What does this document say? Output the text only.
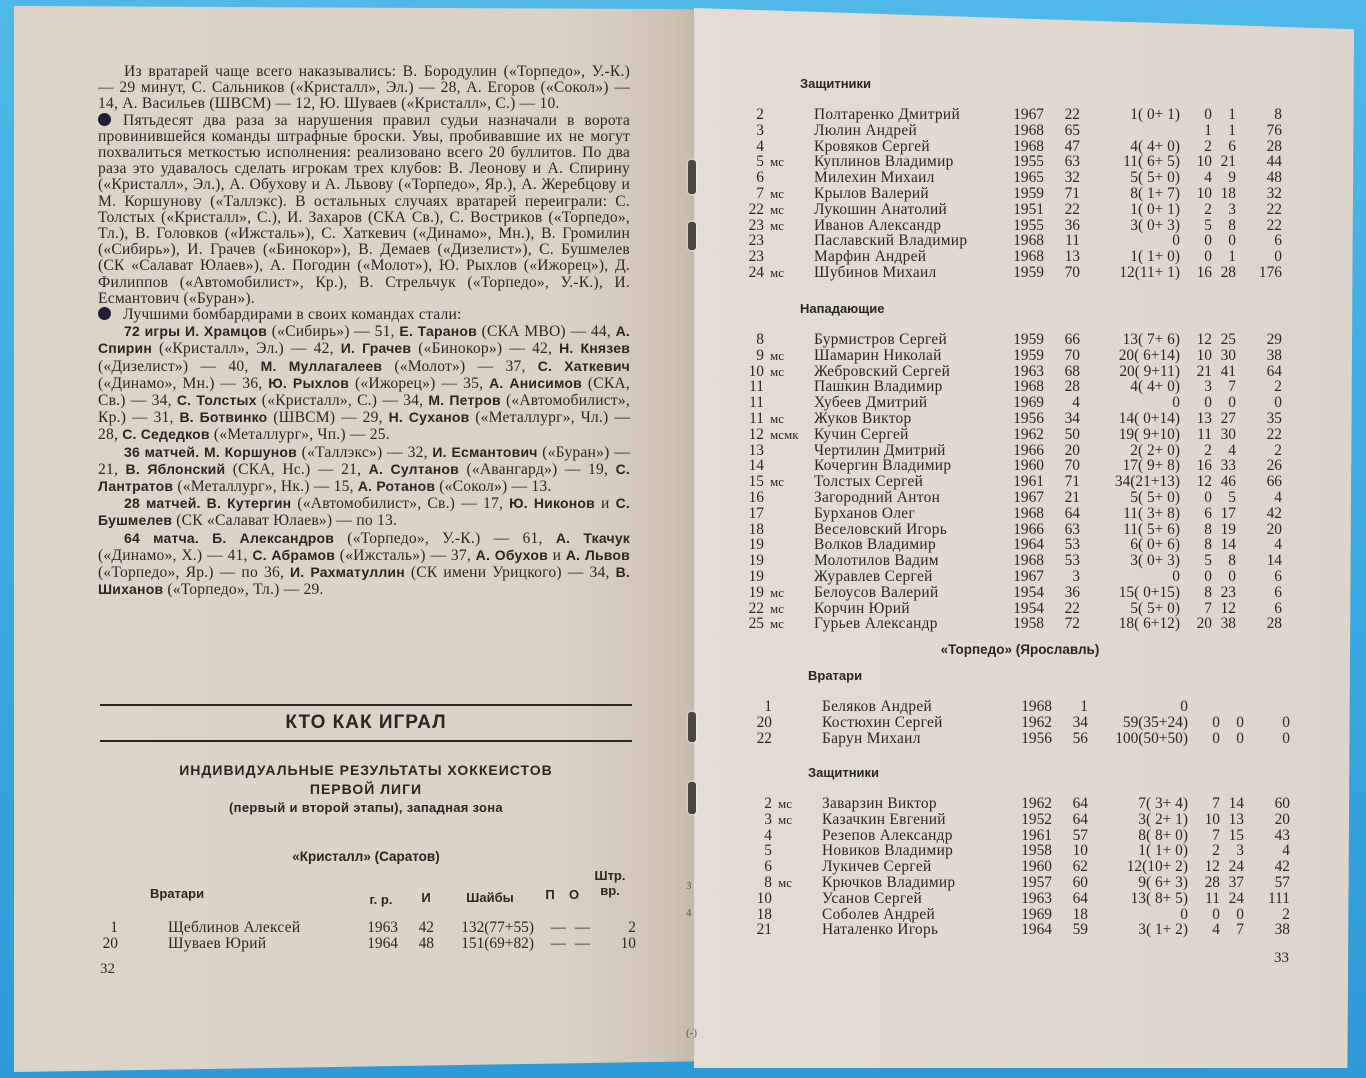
Из вратарей чаще всего наказывались: В. Бородулин («Торпедо», У.-К.) — 29 минут, С. Сальников («Кристалл», Эл.) — 28, А. Егоров («Сокол») — 14, А. Васильев (ШВСМ) — 12, Ю. Шуваев («Кристалл», С.) — 10.

Пятьдесят два раза за нарушения правил судьи назначали в ворота провинившейся команды штрафные броски. Увы, пробивавшие их не могут похвалиться меткостью исполнения: реализовано всего 20 буллитов. По два раза это удавалось сделать игрокам трех клубов: В. Леонову и А. Спирину («Кристалл», Эл.), А. Обухову и А. Львову («Торпедо», Яр.), А. Жеребцову и М. Коршунову («Таллэкс). В остальных случаях вратарей переиграли: С. Толстых («Кристалл», С.), И. Захаров (СКА Св.), С. Востриков («Торпедо», Тл.), В. Головков («Ижсталь»), С. Хаткевич («Динамо», Мн.), В. Громилин («Сибирь»), И. Грачев («Бинокор»), В. Демаев («Дизелист»), С. Бушмелев (СК «Салават Юлаев»), А. Погодин («Молот»), Ю. Рыхлов («Ижорец»), Д. Филиппов («Автомобилист», Кр.), В. Стрельчук («Торпедо», У.-К.), И. Есмантович («Буран»).

Лучшими бомбардирами в своих командах стали:

72 игры И. Храмцов («Сибирь») — 51, Е. Таранов (СКА МВО) — 44, А. Спирин («Кристалл», Эл.) — 42, И. Грачев («Бинокор») — 42, Н. Князев («Дизелист») — 40, М. Муллагалеев («Молот») — 37, С. Хаткевич («Динамо», Мн.) — 36, Ю. Рыхлов («Ижорец») — 35, А. Анисимов (СКА, Св.) — 34, С. Толстых («Кристалл», С.) — 34, М. Петров («Автомобилист», Кр.) — 31, В. Ботвинко (ШВСМ) — 29, Н. Суханов («Металлург», Чл.) — 28, С. Седедков («Металлург», Чп.) — 25.

36 матчей. М. Коршунов («Таллэкс») — 32, И. Есмантович («Буран») — 21, В. Яблонский (СКА, Нс.) — 21, А. Султанов («Авангард») — 19, С. Лантратов («Металлург», Нк.) — 15, А. Ротанов («Сокол») — 13.

28 матчей. В. Кутергин («Автомобилист», Св.) — 17, Ю. Никонов и С. Бушмелев (СК «Салават Юлаев») — по 13.

64 матча. Б. Александров («Торпедо», У.-К.) — 61, А. Ткачук («Динамо», Х.) — 41, С. Абрамов («Ижсталь») — 37, А. Обухов и А. Львов («Торпедо», Яр.) — по 36, И. Рахматуллин (СК имени Урицкого) — 34, В. Шиханов («Торпедо», Тл.) — 29.

КТО КАК ИГРАЛ
ИНДИВИДУАЛЬНЫЕ РЕЗУЛЬТАТЫ ХОККЕИСТОВ
ПЕРВОЙ ЛИГИ
(первый и второй этапы), западная зона
«Кристалл» (Саратов)
Вратари	г. р.	И	Шайбы	П	О
Штр.
вр.
1		Щеблинов Алексей	1963	42	132(77+55)	—	—	2
20		Шуваев Юрий	1964	48	151(69+82)	—	—	10
32
Защитники
2		Полтаренко Дмитрий	1967	22	1( 0+ 1)	0	1	8
3		Люлин Андрей	1968	65		1	1	76
4		Кровяков Сергей	1968	47	4( 4+ 0)	2	6	28
5	мс	Куплинов Владимир	1955	63	11( 6+ 5)	10	21	44
6		Милехин Михаил	1965	32	5( 5+ 0)	4	9	48
7	мс	Крылов Валерий	1959	71	8( 1+ 7)	10	18	32
22	мс	Лукошин Анатолий	1951	22	1( 0+ 1)	2	3	22
23	мс	Иванов Александр	1955	36	3( 0+ 3)	5	8	22
23		Паславский Владимир	1968	11	0	0	0	6
23		Марфин Андрей	1968	13	1( 1+ 0)	0	1	0
24	мс	Шубинов Михаил	1959	70	12(11+ 1)	16	28	176
Нападающие
8		Бурмистров Сергей	1959	66	13( 7+ 6)	12	25	29
9	мс	Шамарин Николай	1959	70	20( 6+14)	10	30	38
10	мс	Жебровский Сергей	1963	68	20( 9+11)	21	41	64
11		Пашкин Владимир	1968	28	4( 4+ 0)	3	7	2
11		Хубеев Дмитрий	1969	4	0	0	0	0
11	мс	Жуков Виктор	1956	34	14( 0+14)	13	27	35
12	мсмк	Кучин Сергей	1962	50	19( 9+10)	11	30	22
13		Чертилин Дмитрий	1966	20	2( 2+ 0)	2	4	2
14		Кочергин Владимир	1960	70	17( 9+ 8)	16	33	26
15	мс	Толстых Сергей	1961	71	34(21+13)	12	46	66
16		Загородний Антон	1967	21	5( 5+ 0)	0	5	4
17		Бурханов Олег	1968	64	11( 3+ 8)	6	17	42
18		Веселовский Игорь	1966	63	11( 5+ 6)	8	19	20
19		Волков Владимир	1964	53	6( 0+ 6)	8	14	4
19		Молотилов Вадим	1968	53	3( 0+ 3)	5	8	14
19		Журавлев Сергей	1967	3	0	0	0	6
19	мс	Белоусов Валерий	1954	36	15( 0+15)	8	23	6
22	мс	Корчин Юрий	1954	22	5( 5+ 0)	7	12	6
25	мс	Гурьев Александр	1958	72	18( 6+12)	20	38	28
«Торпедо» (Ярославль)
Вратари
1		Беляков Андрей	1968	1	0			
20		Костюхин Сергей	1962	34	59(35+24)	0	0	0
22		Барун Михаил	1956	56	100(50+50)	0	0	0
Защитники
2	мс	Заварзин Виктор	1962	64	7( 3+ 4)	7	14	60
3	мс	Казачкин Евгений	1952	64	3( 2+ 1)	10	13	20
4		Резепов Александр	1961	57	8( 8+ 0)	7	15	43
5		Новиков Владимир	1958	10	1( 1+ 0)	2	3	4
6		Лукичев Сергей	1960	62	12(10+ 2)	12	24	42
8	мс	Крючков Владимир	1957	60	9( 6+ 3)	28	37	57
10		Усанов Сергей	1963	64	13( 8+ 5)	11	24	111
18		Соболев Андрей	1969	18	0	0	0	2
21		Наталенко Игорь	1964	59	3( 1+ 2)	4	7	38
33
3
4
(-)
